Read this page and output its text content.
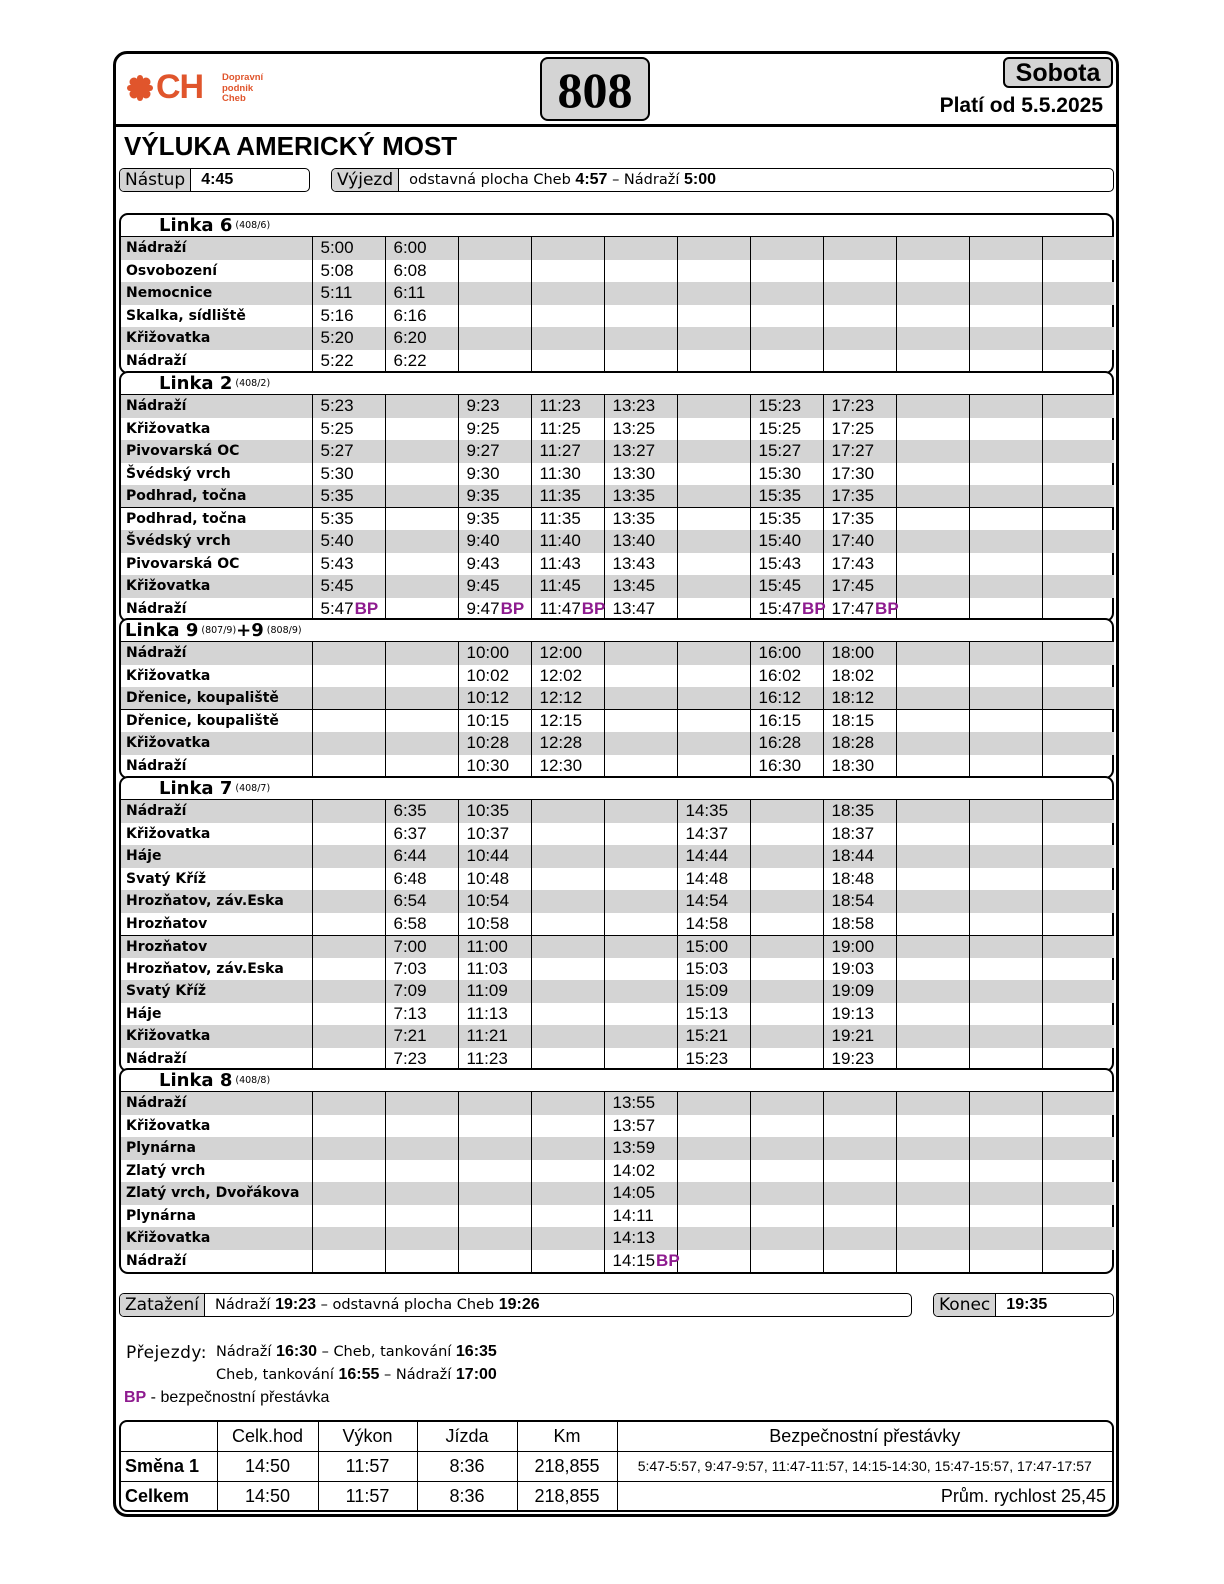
CH Dopravní
podnik
Cheb	808	Sobota
Platí od 5.5.2025
VÝLUKA AMERICKÝ MOST
Nástup	4:45	Výjezd	odstavná plocha Cheb
4:57
–
Nádraží
5:00
Linka 6 $^{(408/6)}$
Nádraží	5:00	6:00									
Osvobození	5:08	6:08									
Nemocnice	5:11	6:11									
Skalka, sídliště	5:16	6:16									
Křižovatka	5:20	6:20									
Nádraží	5:22	6:22									
Linka 2 $^{(408/2)}$
Nádraží	5:23		9:23	11:23	13:23		15:23	17:23			
Křižovatka	5:25		9:25	11:25	13:25		15:25	17:25			
Pivovarská OC	5:27		9:27	11:27	13:27		15:27	17:27			
Švédský vrch	5:30		9:30	11:30	13:30		15:30	17:30			
Podhrad, točna	5:35		9:35	11:35	13:35		15:35	17:35			
Podhrad, točna	5:35		9:35	11:35	13:35		15:35	17:35			
Švédský vrch	5:40		9:40	11:40	13:40		15:40	17:40			
Pivovarská OC	5:43		9:43	11:43	13:43		15:43	17:43			
Křižovatka	5:45		9:45	11:45	13:45		15:45	17:45			
Nádraží	5:47BP		9:47BP	11:47BP	13:47		15:47BP	17:47BP			
Linka 9 $^{(807/9)}$+9 $^{(808/9)}$
Nádraží			10:00	12:00			16:00	18:00			
Křižovatka			10:02	12:02			16:02	18:02			
Dřenice, koupaliště			10:12	12:12			16:12	18:12			
Dřenice, koupaliště			10:15	12:15			16:15	18:15			
Křižovatka			10:28	12:28			16:28	18:28			
Nádraží			10:30	12:30			16:30	18:30			
Linka 7 $^{(408/7)}$
Nádraží		6:35	10:35			14:35		18:35			
Křižovatka		6:37	10:37			14:37		18:37			
Háje		6:44	10:44			14:44		18:44			
Svatý Kříž		6:48	10:48			14:48		18:48			
Hrozňatov, záv.Eska		6:54	10:54			14:54		18:54			
Hrozňatov		6:58	10:58			14:58		18:58			
Hrozňatov		7:00	11:00			15:00		19:00			
Hrozňatov, záv.Eska		7:03	11:03			15:03		19:03			
Svatý Kříž		7:09	11:09			15:09		19:09			
Háje		7:13	11:13			15:13		19:13			
Křižovatka		7:21	11:21			15:21		19:21			
Nádraží		7:23	11:23			15:23		19:23			
Linka 8 $^{(408/8)}$
Nádraží					13:55						
Křižovatka					13:57						
Plynárna					13:59						
Zlatý vrch					14:02						
Zlatý vrch, Dvořákova					14:05						
Plynárna					14:11						
Křižovatka					14:13						
Nádraží					14:15BP						
Zatažení	Nádraží
19:23
–
odstavná plocha Cheb
19:26	Konec	19:35
Přejezdy: Nádraží 16:30 – Cheb, tankování 16:35
Cheb, tankování 16:55 – Nádraží 17:00
BP - bezpečnostní přestávka
	Celk.hod	Výkon	Jízda	Km	Bezpečnostní přestávky
Směna 1	14:50	11:57	8:36	218,855	5:47-5:57, 9:47-9:57, 11:47-11:57, 14:15-14:30, 15:47-15:57, 17:47-17:57
Celkem	14:50	11:57	8:36	218,855	Prům. rychlost 25,45
